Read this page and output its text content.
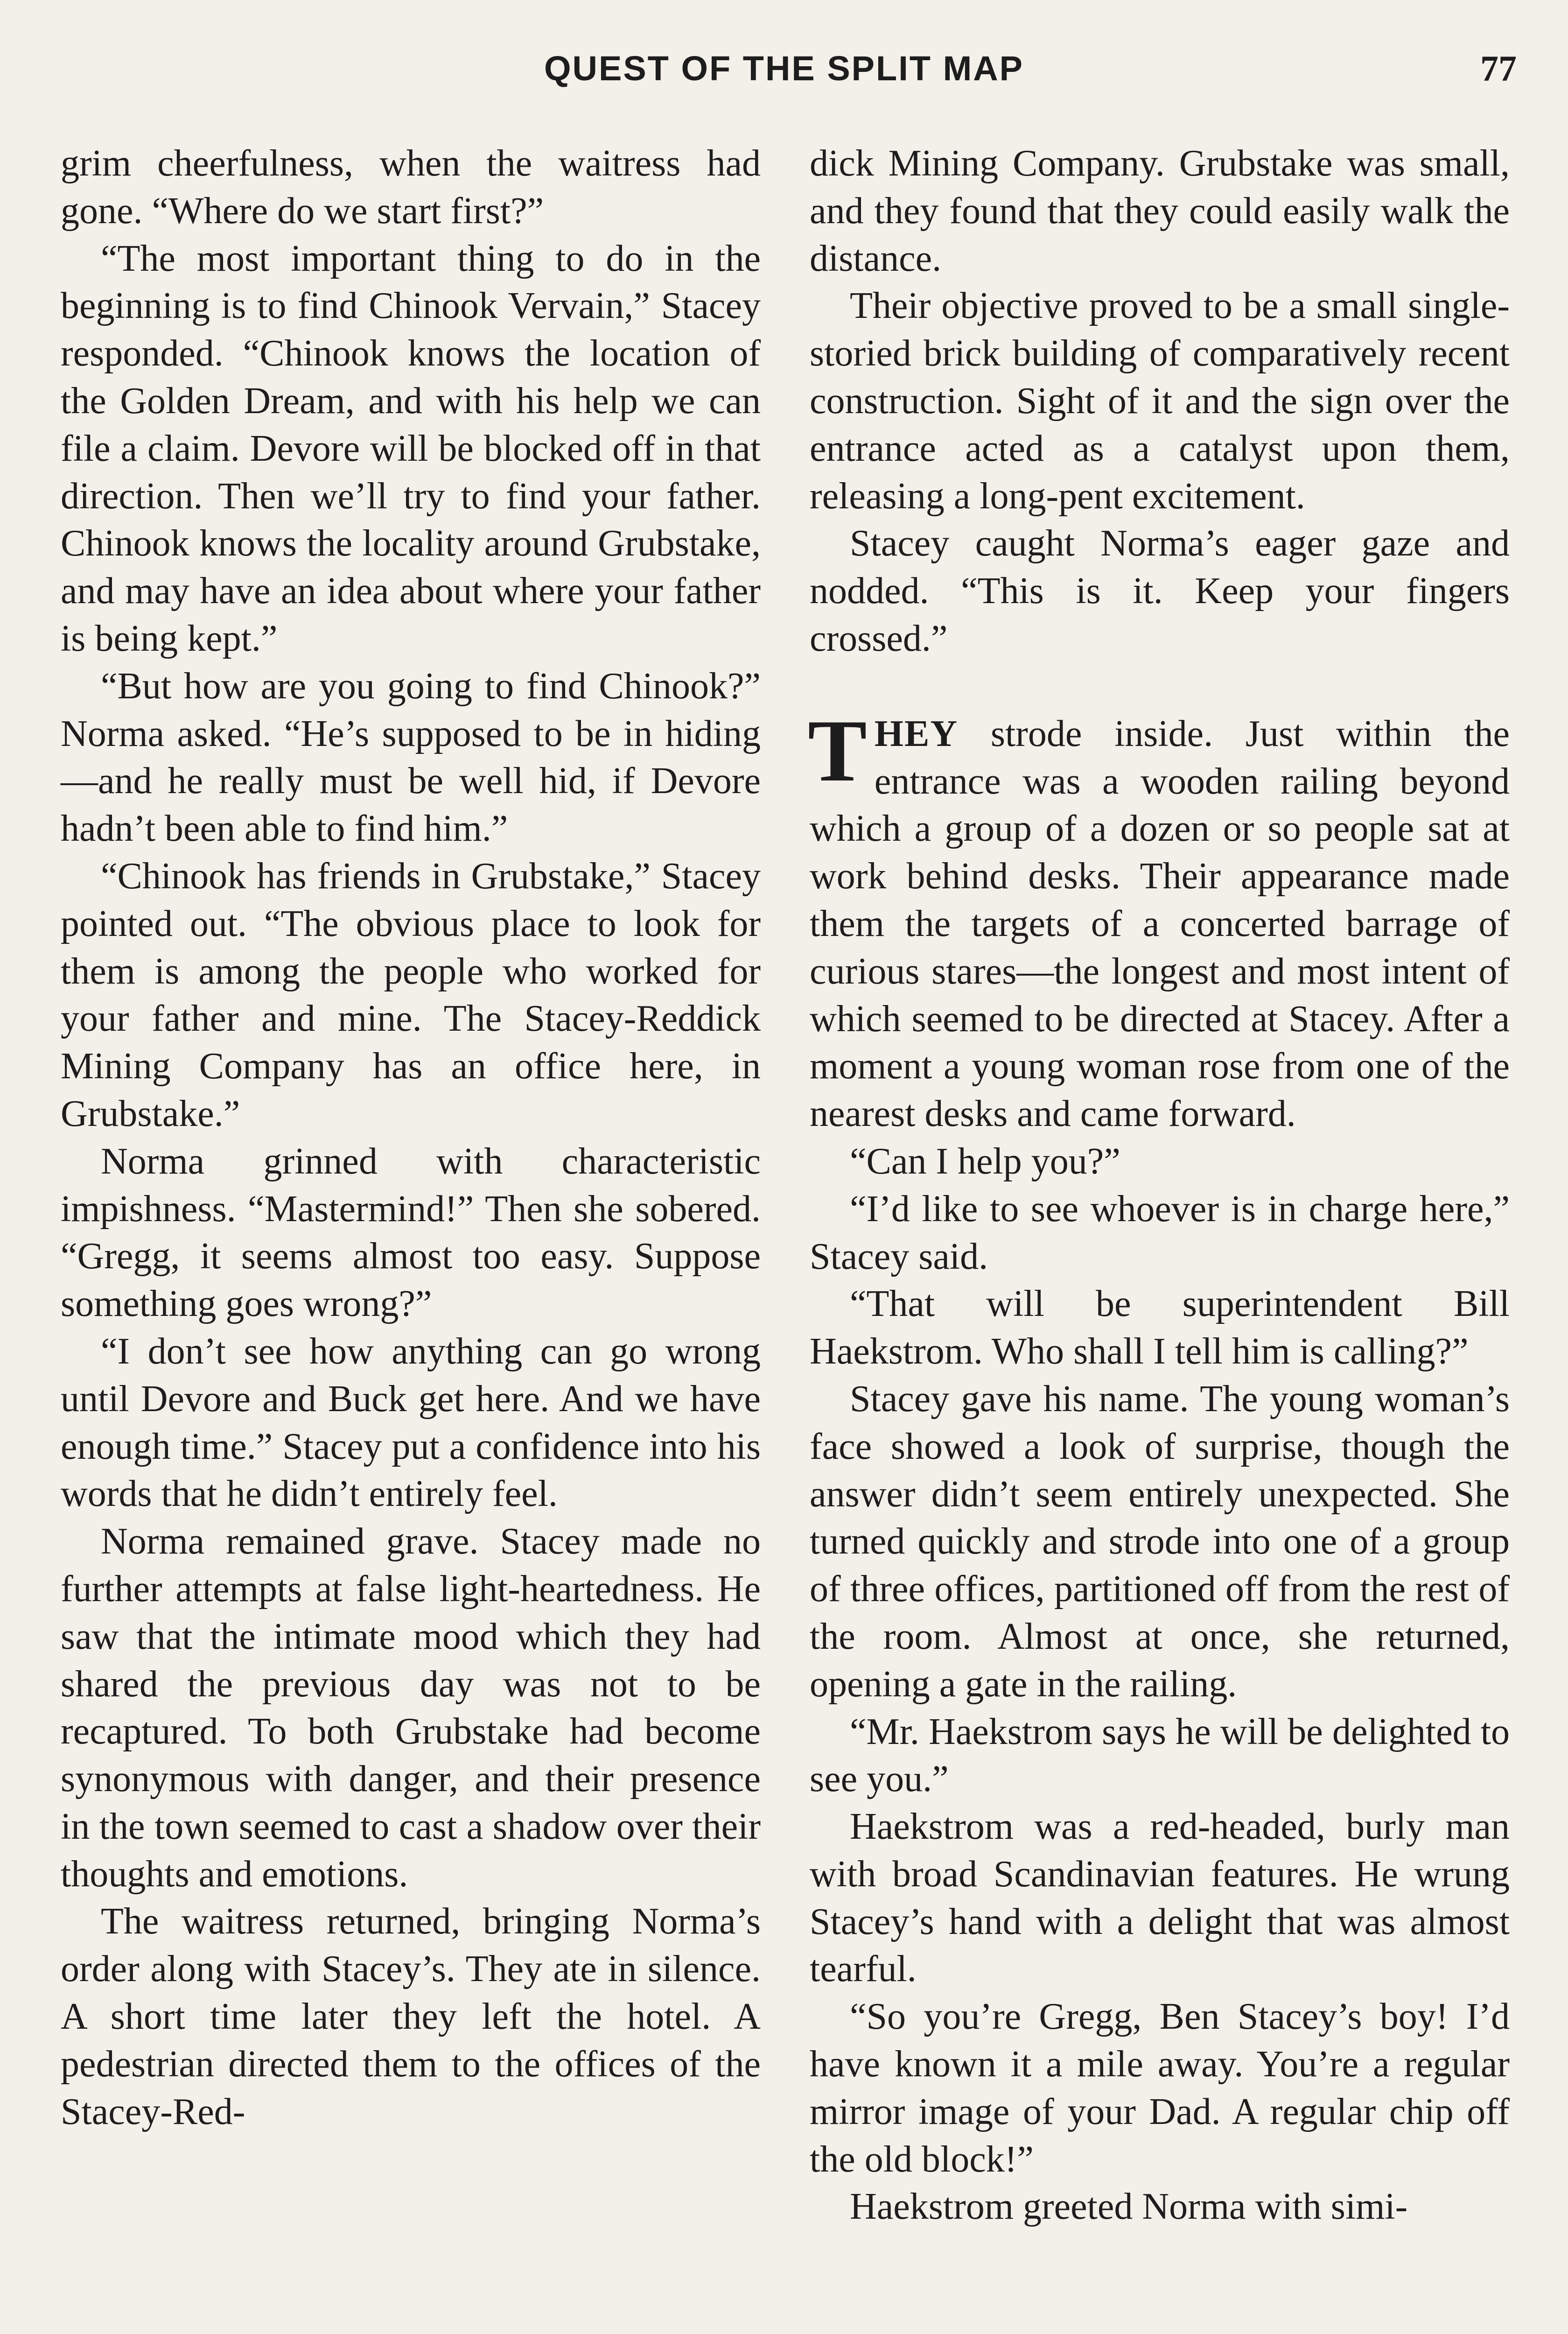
QUEST OF THE SPLIT MAP	77

grim cheerfulness, when the waitress had gone. “Where do we start first?”

“The most important thing to do in the beginning is to find Chinook Vervain,” Stacey responded. “Chinook knows the location of the Golden Dream, and with his help we can file a claim. Devore will be blocked off in that direction. Then we’ll try to find your father. Chinook knows the locality around Grubstake, and may have an idea about where your father is being kept.”

“But how are you going to find Chinook?” Norma asked. “He’s supposed to be in hiding—and he really must be well hid, if Devore hadn’t been able to find him.”

“Chinook has friends in Grubstake,” Stacey pointed out. “The obvious place to look for them is among the people who worked for your father and mine. The Stacey-Reddick Mining Company has an office here, in Grubstake.”

Norma grinned with characteristic impishness. “Mastermind!” Then she sobered. “Gregg, it seems almost too easy. Suppose something goes wrong?”

“I don’t see how anything can go wrong until Devore and Buck get here. And we have enough time.” Stacey put a confidence into his words that he didn’t entirely feel.

Norma remained grave. Stacey made no further attempts at false light-heartedness. He saw that the intimate mood which they had shared the previous day was not to be recaptured. To both Grubstake had become synonymous with danger, and their presence in the town seemed to cast a shadow over their thoughts and emotions.

The waitress returned, bringing Norma’s order along with Stacey’s. They ate in silence. A short time later they left the hotel. A pedestrian directed them to the offices of the Stacey-Red-

dick Mining Company. Grubstake was small, and they found that they could easily walk the distance.

Their objective proved to be a small single-storied brick building of comparatively recent construction. Sight of it and the sign over the entrance acted as a catalyst upon them, releasing a long-pent excitement.

Stacey caught Norma’s eager gaze and nodded. “This is it. Keep your fingers crossed.”

THEY strode inside. Just within the entrance was a wooden railing beyond which a group of a dozen or so people sat at work behind desks. Their appearance made them the targets of a concerted barrage of curious stares—the longest and most intent of which seemed to be directed at Stacey. After a moment a young woman rose from one of the nearest desks and came forward.

“Can I help you?”

“I’d like to see whoever is in charge here,” Stacey said.

“That will be superintendent Bill Haekstrom. Who shall I tell him is calling?”

Stacey gave his name. The young woman’s face showed a look of surprise, though the answer didn’t seem entirely unexpected. She turned quickly and strode into one of a group of three offices, partitioned off from the rest of the room. Almost at once, she returned, opening a gate in the railing.

“Mr. Haekstrom says he will be delighted to see you.”

Haekstrom was a red-headed, burly man with broad Scandinavian features. He wrung Stacey’s hand with a delight that was almost tearful.

“So you’re Gregg, Ben Stacey’s boy! I’d have known it a mile away. You’re a regular mirror image of your Dad. A regular chip off the old block!”

Haekstrom greeted Norma with simi-
